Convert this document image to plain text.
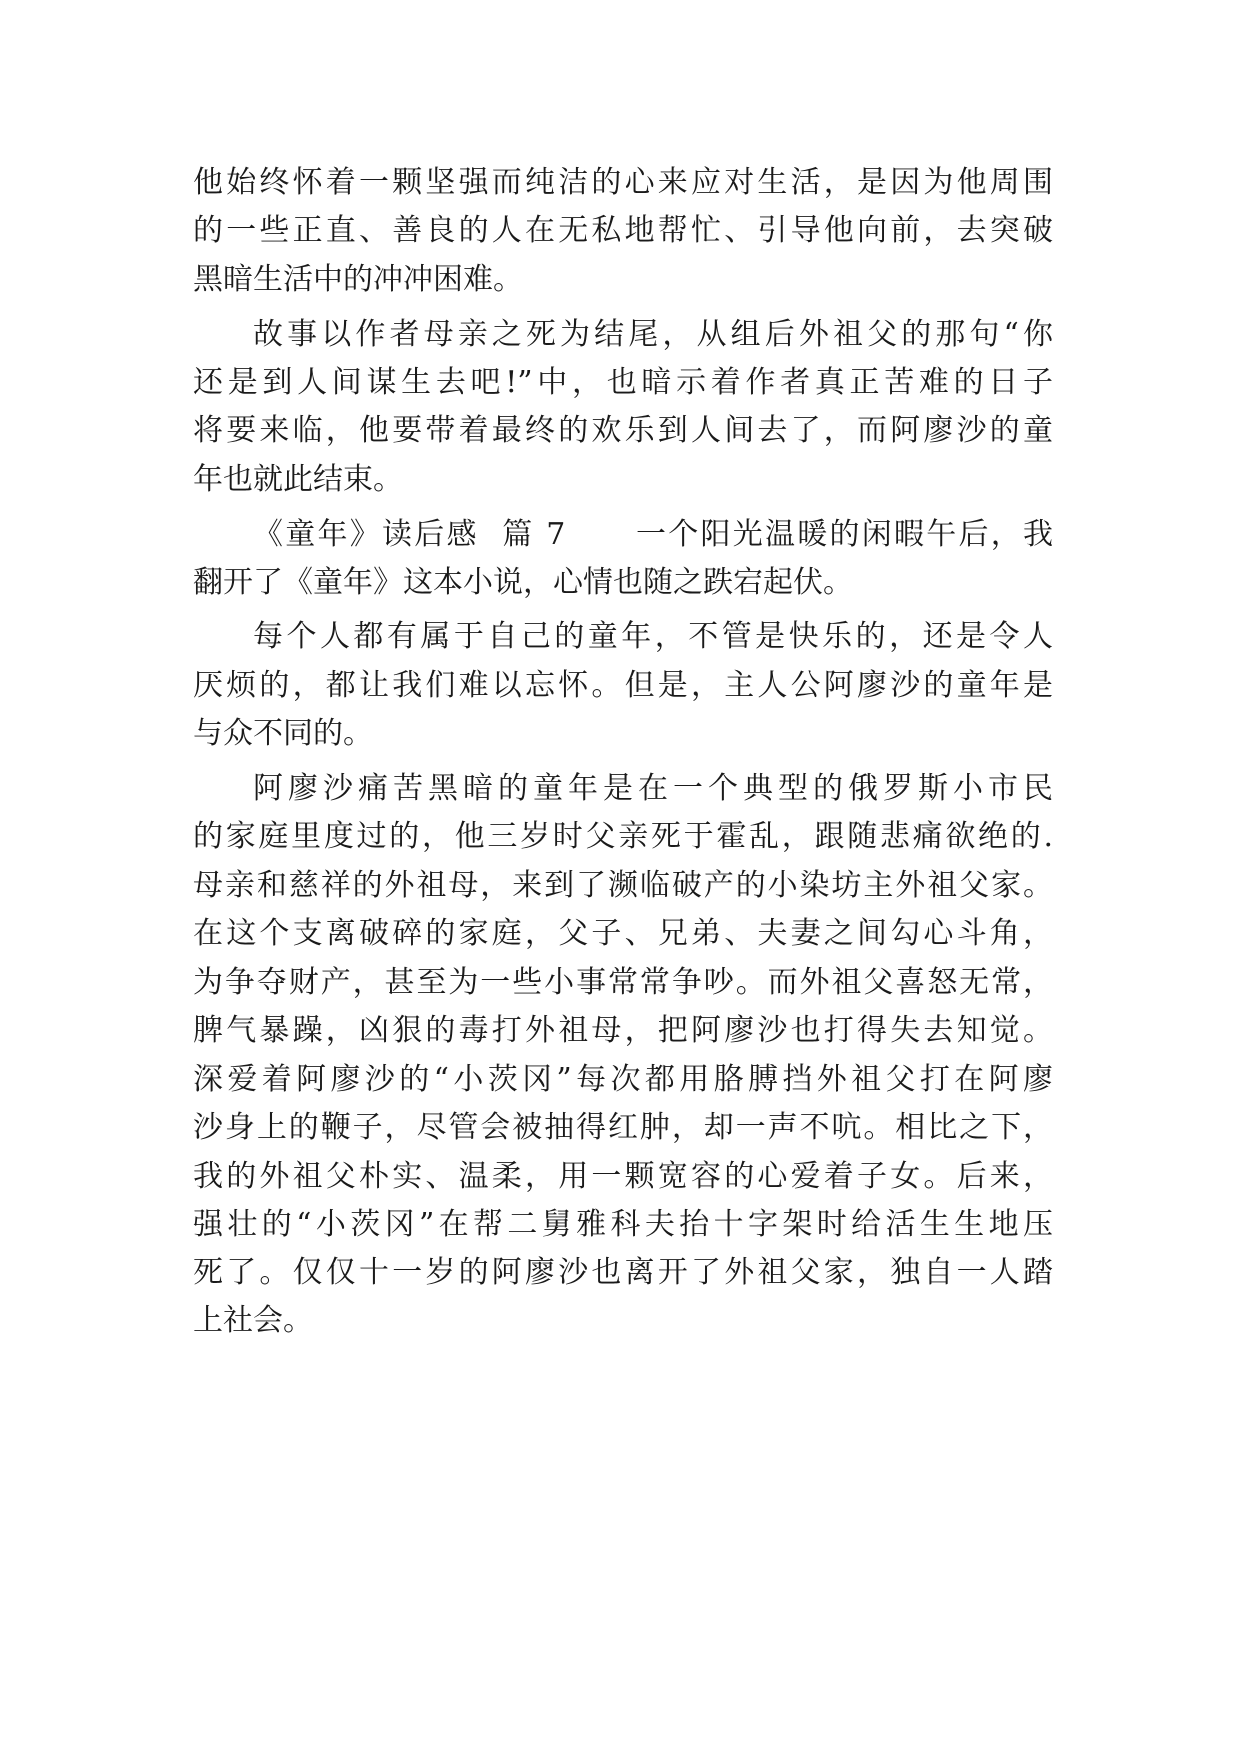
他始终怀着一颗坚强而纯洁的心来应对生活，是因为他周围
的一些正直、善良的人在无私地帮忙、引导他向前，去突破
黑暗生活中的冲冲困难。
故事以作者母亲之死为结尾，从组后外祖父的那句“你
还是到人间谋生去吧!”中，也暗示着作者真正苦难的日子
将要来临，他要带着最终的欢乐到人间去了，而阿廖沙的童
年也就此结束。
《童年》读后感  篇 7      一个阳光温暖的闲暇午后，我
翻开了《童年》这本小说，心情也随之跌宕起伏。
每个人都有属于自己的童年，不管是快乐的，还是令人
厌烦的，都让我们难以忘怀。但是，主人公阿廖沙的童年是
与众不同的。
阿廖沙痛苦黑暗的童年是在一个典型的俄罗斯小市民
的家庭里度过的，他三岁时父亲死于霍乱，跟随悲痛欲绝的.
母亲和慈祥的外祖母，来到了濒临破产的小染坊主外祖父家。
在这个支离破碎的家庭，父子、兄弟、夫妻之间勾心斗角，
为争夺财产，甚至为一些小事常常争吵。而外祖父喜怒无常，
脾气暴躁，凶狠的毒打外祖母，把阿廖沙也打得失去知觉。
深爱着阿廖沙的“小茨冈”每次都用胳膊挡外祖父打在阿廖
沙身上的鞭子，尽管会被抽得红肿，却一声不吭。相比之下，
我的外祖父朴实、温柔，用一颗宽容的心爱着子女。后来，
强壮的“小茨冈”在帮二舅雅科夫抬十字架时给活生生地压
死了。仅仅十一岁的阿廖沙也离开了外祖父家，独自一人踏
上社会。
